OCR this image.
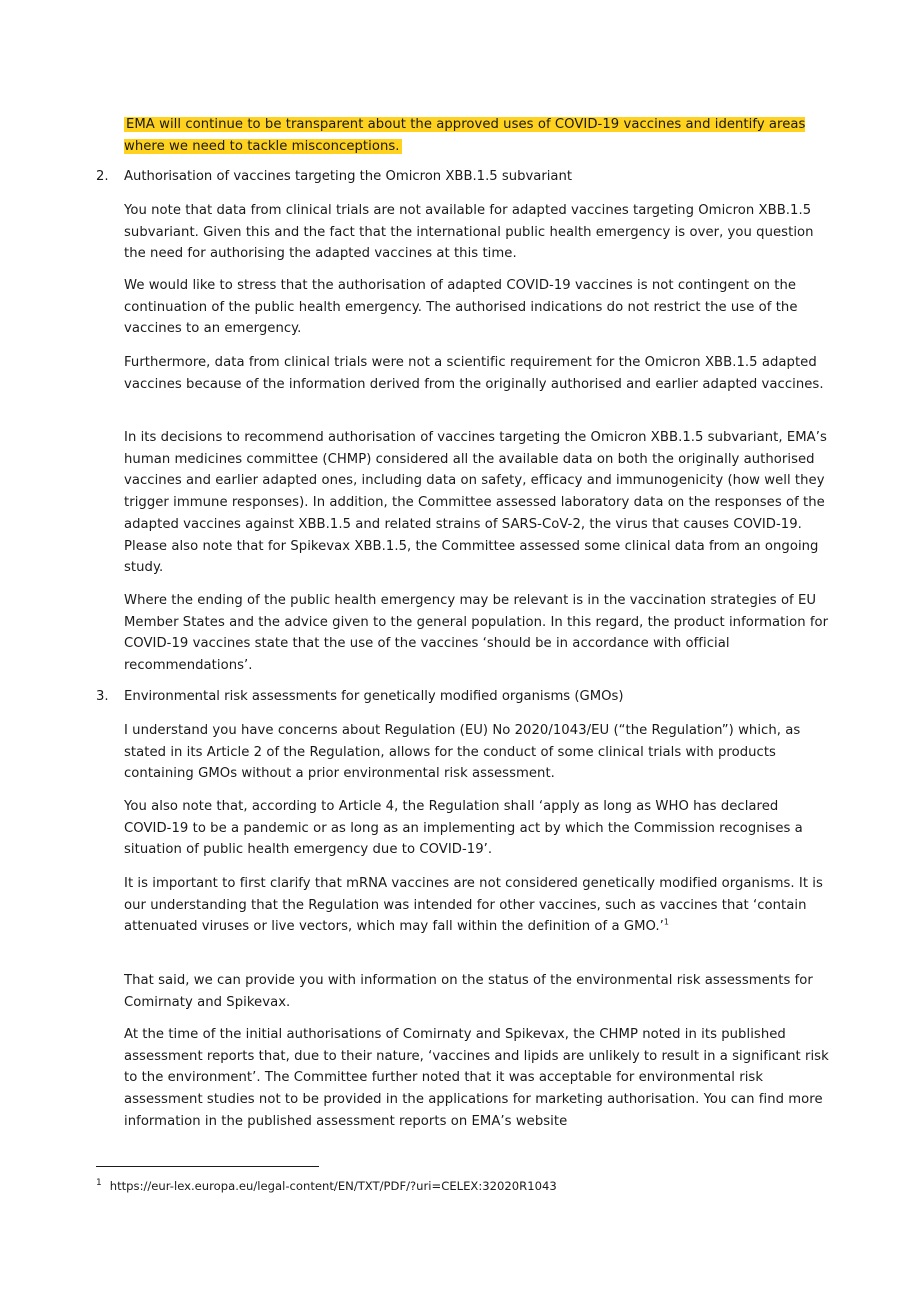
EMA will continue to be transparent about the approved uses of COVID-19 vaccines and identify areas where we need to tackle misconceptions.

2. Authorisation of vaccines targeting the Omicron XBB.1.5 subvariant

You note that data from clinical trials are not available for adapted vaccines targeting Omicron XBB.1.5 subvariant. Given this and the fact that the international public health emergency is over, you question the need for authorising the adapted vaccines at this time.

We would like to stress that the authorisation of adapted COVID-19 vaccines is not contingent on the continuation of the public health emergency. The authorised indications do not restrict the use of the vaccines to an emergency.

Furthermore, data from clinical trials were not a scientific requirement for the Omicron XBB.1.5 adapted vaccines because of the information derived from the originally authorised and earlier adapted vaccines.

In its decisions to recommend authorisation of vaccines targeting the Omicron XBB.1.5 subvariant, EMA’s human medicines committee (CHMP) considered all the available data on both the originally authorised vaccines and earlier adapted ones, including data on safety, efficacy and immunogenicity (how well they trigger immune responses). In addition, the Committee assessed laboratory data on the responses of the adapted vaccines against XBB.1.5 and related strains of SARS-CoV-2, the virus that causes COVID-19. Please also note that for Spikevax XBB.1.5, the Committee assessed some clinical data from an ongoing study.

Where the ending of the public health emergency may be relevant is in the vaccination strategies of EU Member States and the advice given to the general population. In this regard, the product information for COVID-19 vaccines state that the use of the vaccines ‘should be in accordance with official recommendations’.

3. Environmental risk assessments for genetically modified organisms (GMOs)

I understand you have concerns about Regulation (EU) No 2020/1043/EU (“the Regulation”) which, as stated in its Article 2 of the Regulation, allows for the conduct of some clinical trials with products containing GMOs without a prior environmental risk assessment.

You also note that, according to Article 4, the Regulation shall ‘apply as long as WHO has declared COVID-19 to be a pandemic or as long as an implementing act by which the Commission recognises a situation of public health emergency due to COVID-19’.

It is important to first clarify that mRNA vaccines are not considered genetically modified organisms. It is our understanding that the Regulation was intended for other vaccines, such as vaccines that ‘contain attenuated viruses or live vectors, which may fall within the definition of a GMO.’$^1$

That said, we can provide you with information on the status of the environmental risk assessments for Comirnaty and Spikevax.

At the time of the initial authorisations of Comirnaty and Spikevax, the CHMP noted in its published assessment reports that, due to their nature, ‘vaccines and lipids are unlikely to result in a significant risk to the environment’. The Committee further noted that it was acceptable for environmental risk assessment studies not to be provided in the applications for marketing authorisation. You can find more information in the published assessment reports on EMA’s website

$^1$ https://eur-lex.europa.eu/legal-content/EN/TXT/PDF/?uri=CELEX:32020R1043
